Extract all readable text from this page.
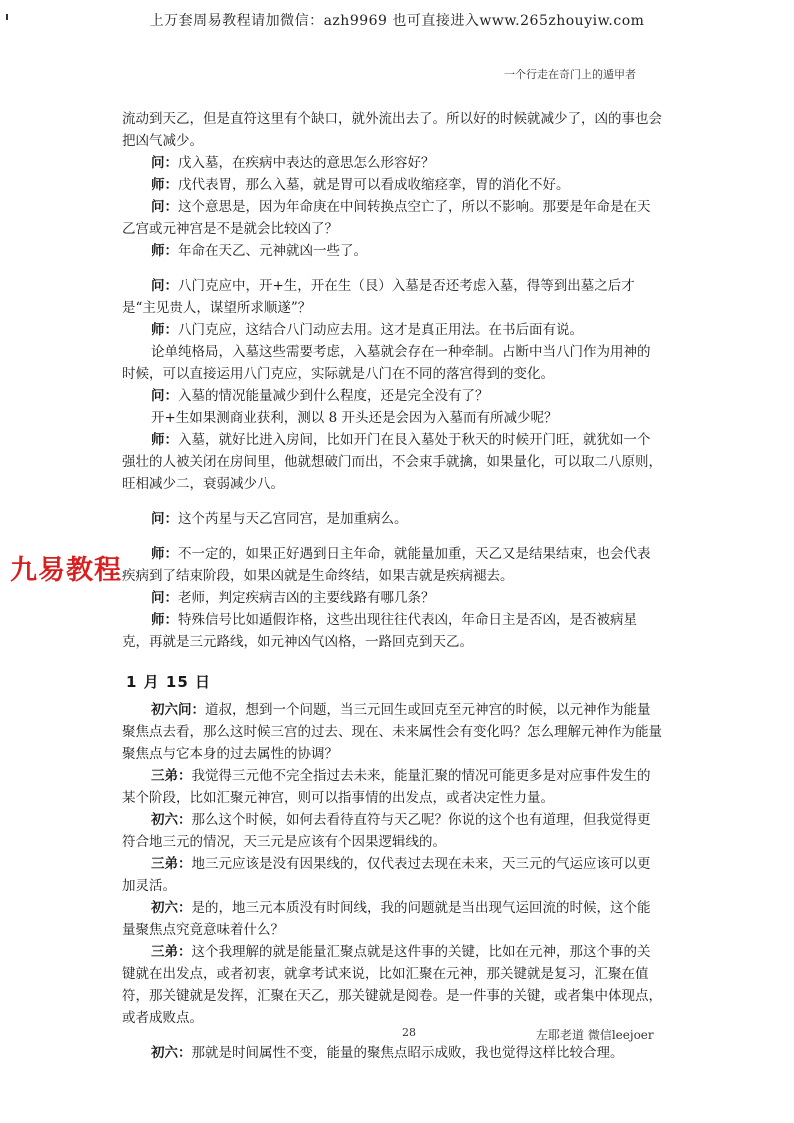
上万套周易教程请加微信：azh9969 也可直接进入www.265zhouyiw.com
一个行走在奇门上的遁甲者

流动到天乙，但是直符这里有个缺口，就外流出去了。所以好的时候就减少了，凶的事也会把凶气减少。

问：戊入墓，在疾病中表达的意思怎么形容好？

师：戊代表胃，那么入墓，就是胃可以看成收缩痉挛，胃的消化不好。

问：这个意思是，因为年命庚在中间转换点空亡了，所以不影响。那要是年命是在天乙宫或元神宫是不是就会比较凶了？

师：年命在天乙、元神就凶一些了。

问：八门克应中，开+生，开在生（艮）入墓是否还考虑入墓，得等到出墓之后才是“主见贵人，谋望所求顺遂”？

师：八门克应，这结合八门动应去用。这才是真正用法。在书后面有说。

论单纯格局，入墓这些需要考虑，入墓就会存在一种牵制。占断中当八门作为用神的时候，可以直接运用八门克应，实际就是八门在不同的落宫得到的变化。

问：入墓的情况能量减少到什么程度，还是完全没有了？

开+生如果测商业获利，测以 8 开头还是会因为入墓而有所减少呢？

师：入墓，就好比进入房间，比如开门在艮入墓处于秋天的时候开门旺，就犹如一个强壮的人被关闭在房间里，他就想破门而出，不会束手就擒，如果量化，可以取二八原则，旺相减少二，衰弱减少八。

问：这个芮星与天乙宫同宫，是加重病么。

师：不一定的，如果正好遇到日主年命，就能量加重，天乙又是结果结束，也会代表疾病到了结束阶段，如果凶就是生命终结，如果吉就是疾病褪去。

问：老师，判定疾病吉凶的主要线路有哪几条？

师：特殊信号比如遁假诈格，这些出现往往代表凶，年命日主是否凶，是否被病星克，再就是三元路线，如元神凶气凶格，一路回克到天乙。

1 月 15 日

初六问：道叔，想到一个问题，当三元回生或回克至元神宫的时候，以元神作为能量聚焦点去看，那么这时候三宫的过去、现在、未来属性会有变化吗？怎么理解元神作为能量聚焦点与它本身的过去属性的协调？

三弟：我觉得三元他不完全指过去未来，能量汇聚的情况可能更多是对应事件发生的某个阶段，比如汇聚元神宫，则可以指事情的出发点，或者决定性力量。

初六：那么这个时候，如何去看待直符与天乙呢？你说的这个也有道理，但我觉得更符合地三元的情况，天三元是应该有个因果逻辑线的。

三弟：地三元应该是没有因果线的，仅代表过去现在未来，天三元的气运应该可以更加灵活。

初六：是的，地三元本质没有时间线，我的问题就是当出现气运回流的时候，这个能量聚焦点究竟意味着什么？

三弟：这个我理解的就是能量汇聚点就是这件事的关键，比如在元神，那这个事的关键就在出发点，或者初衷，就拿考试来说，比如汇聚在元神，那关键就是复习，汇聚在值符，那关键就是发挥，汇聚在天乙，那关键就是阅卷。是一件事的关键，或者集中体现点，或者成败点。

初六：那就是时间属性不变，能量的聚焦点昭示成败，我也觉得这样比较合理。

九易教程
28	左耶老道 微信leejoer
